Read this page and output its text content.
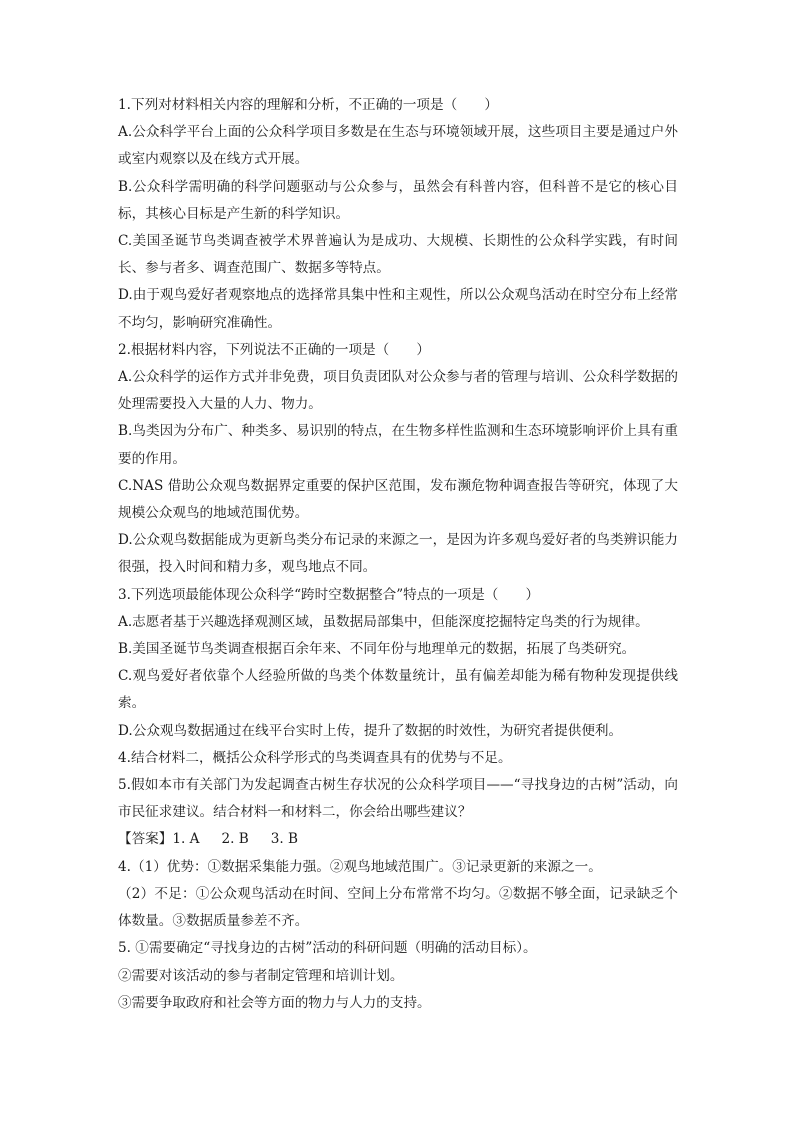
1.下列对材料相关内容的理解和分析，不正确的一项是（　　）

A.公众科学平台上面的公众科学项目多数是在生态与环境领域开展，这些项目主要是通过户外或室内观察以及在线方式开展。

B.公众科学需明确的科学问题驱动与公众参与，虽然会有科普内容，但科普不是它的核心目标，其核心目标是产生新的科学知识。

C.美国圣诞节鸟类调查被学术界普遍认为是成功、大规模、长期性的公众科学实践，有时间长、参与者多、调查范围广、数据多等特点。

D.由于观鸟爱好者观察地点的选择常具集中性和主观性，所以公众观鸟活动在时空分布上经常不均匀，影响研究准确性。

2.根据材料内容，下列说法不正确的一项是（　　）

A.公众科学的运作方式并非免费，项目负责团队对公众参与者的管理与培训、公众科学数据的处理需要投入大量的人力、物力。

B.鸟类因为分布广、种类多、易识别的特点，在生物多样性监测和生态环境影响评价上具有重要的作用。

C.NAS 借助公众观鸟数据界定重要的保护区范围，发布濒危物种调查报告等研究，体现了大规模公众观鸟的地域范围优势。

D.公众观鸟数据能成为更新鸟类分布记录的来源之一，是因为许多观鸟爱好者的鸟类辨识能力很强，投入时间和精力多，观鸟地点不同。

3.下列选项最能体现公众科学“跨时空数据整合”特点的一项是（　　）

A.志愿者基于兴趣选择观测区域，虽数据局部集中，但能深度挖掘特定鸟类的行为规律。

B.美国圣诞节鸟类调查根据百余年来、不同年份与地理单元的数据，拓展了鸟类研究。

C.观鸟爱好者依靠个人经验所做的鸟类个体数量统计，虽有偏差却能为稀有物种发现提供线索。

D.公众观鸟数据通过在线平台实时上传，提升了数据的时效性，为研究者提供便利。

4.结合材料二，概括公众科学形式的鸟类调查具有的优势与不足。

5.假如本市有关部门为发起调查古树生存状况的公众科学项目——“寻找身边的古树”活动，向市民征求建议。结合材料一和材料二，你会给出哪些建议？

【答案】1. A 2. B 3. B

4.（1）优势：①数据采集能力强。②观鸟地域范围广。③记录更新的来源之一。

（2）不足：①公众观鸟活动在时间、空间上分布常常不均匀。②数据不够全面，记录缺乏个体数量。③数据质量参差不齐。

5. ①需要确定“寻找身边的古树”活动的科研问题（明确的活动目标）。

②需要对该活动的参与者制定管理和培训计划。

③需要争取政府和社会等方面的物力与人力的支持。
